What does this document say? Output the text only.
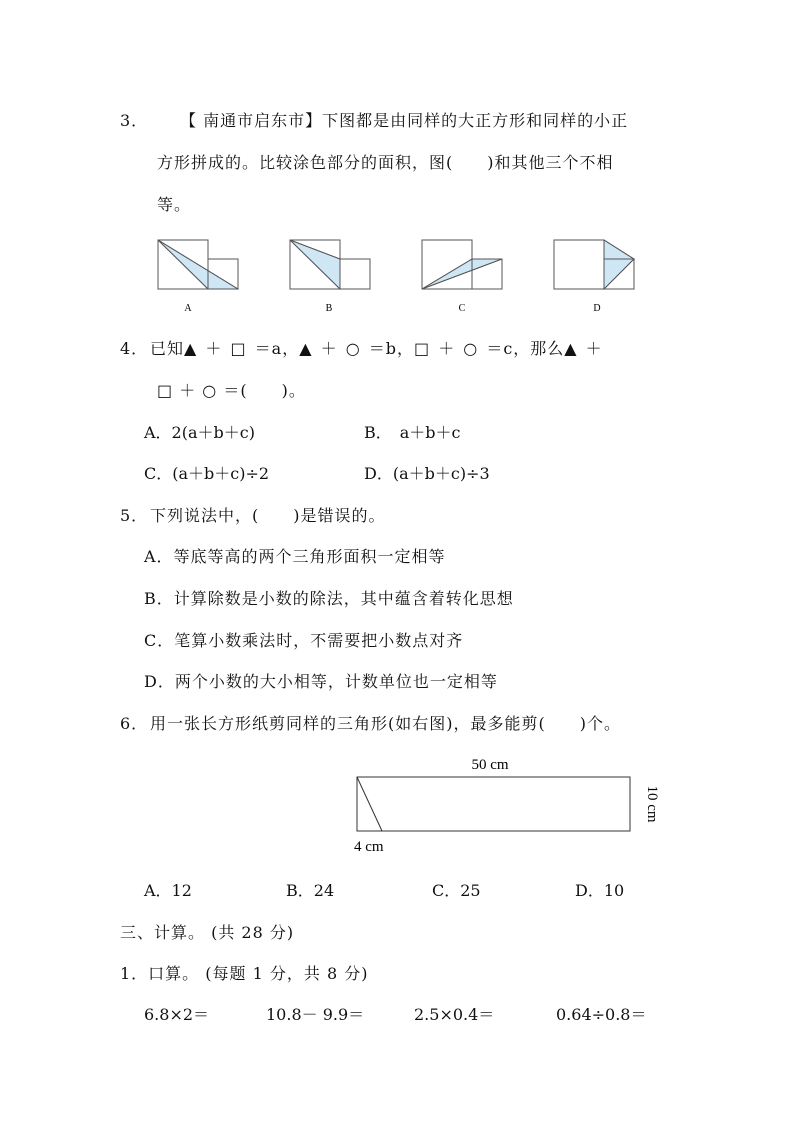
3． 【 南通市启东市】下图都是由同样的大正方形和同样的小正
方形拼成的。比较涂色部分的面积，图(　　)和其他三个不相
等。
A	B	C	D
4． 已知▲ ＋ □ ＝a，▲ ＋ ○ ＝b，□ ＋ ○ ＝c，那么▲ ＋
□ ＋ ○ ＝(　　)。
A．2(a＋b＋c)	B．　a＋b＋c
C．(a＋b＋c)÷2	D．(a＋b＋c)÷3
5． 下列说法中，(　　)是错误的。
A．等底等高的两个三角形面积一定相等
B．计算除数是小数的除法，其中蕴含着转化思想
C．笔算小数乘法时，不需要把小数点对齐
D．两个小数的大小相等，计数单位也一定相等
6． 用一张长方形纸剪同样的三角形(如右图)，最多能剪(　　)个。
50 cm
10 cm
4 cm
A．12	B．24	C．25	D．10
三、计算。 (共 28 分)
1．口算。 (每题 1 分，共 8 分)
6.8×2＝	10.8－ 9.9＝	2.5×0.4＝	0.64÷0.8＝
